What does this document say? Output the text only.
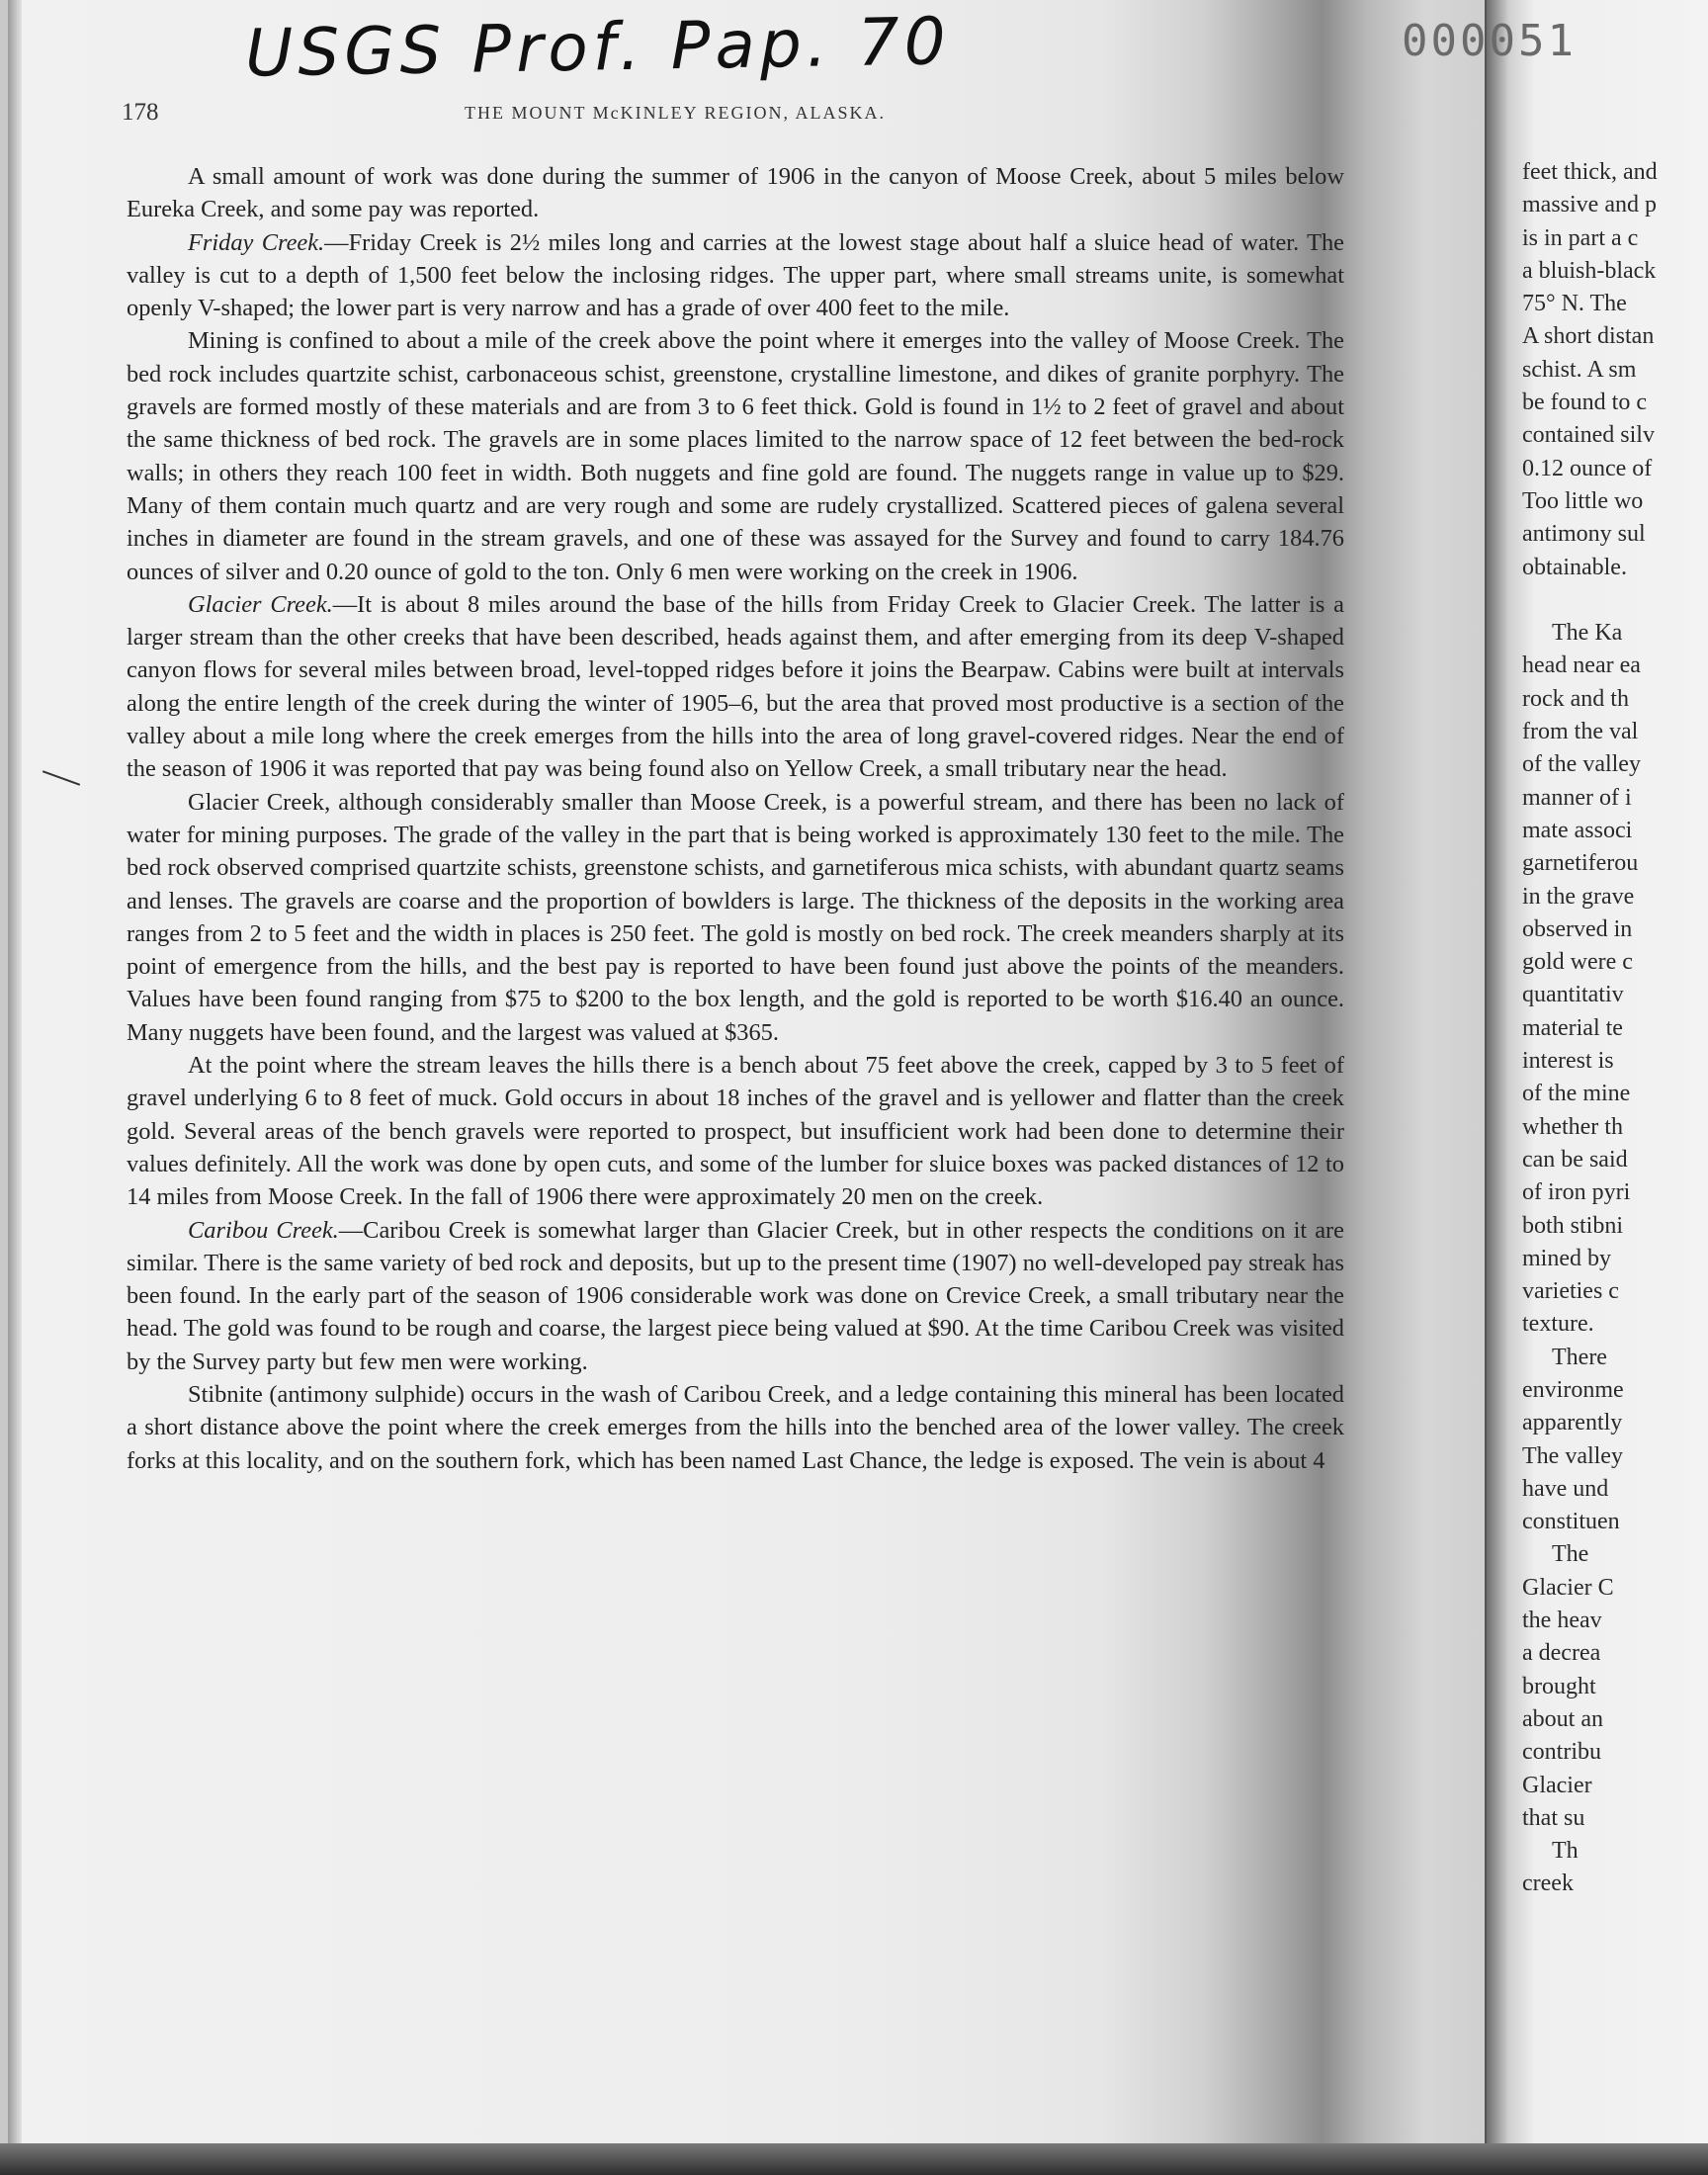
USGS Prof. Pap. 70
178	THE MOUNT McKINLEY REGION, ALASKA.

A small amount of work was done during the summer of 1906 in the canyon of Moose Creek, about 5 miles below Eureka Creek, and some pay was reported.

Friday Creek.—Friday Creek is 2½ miles long and carries at the lowest stage about half a sluice head of water. The valley is cut to a depth of 1,500 feet below the inclosing ridges. The upper part, where small streams unite, is somewhat openly V-shaped; the lower part is very narrow and has a grade of over 400 feet to the mile.

Mining is confined to about a mile of the creek above the point where it emerges into the valley of Moose Creek. The bed rock includes quartzite schist, carbonaceous schist, greenstone, crystalline limestone, and dikes of granite porphyry. The gravels are formed mostly of these materials and are from 3 to 6 feet thick. Gold is found in 1½ to 2 feet of gravel and about the same thickness of bed rock. The gravels are in some places limited to the narrow space of 12 feet between the bed-rock walls; in others they reach 100 feet in width. Both nuggets and fine gold are found. The nuggets range in value up to $29. Many of them contain much quartz and are very rough and some are rudely crystallized. Scattered pieces of galena several inches in diameter are found in the stream gravels, and one of these was assayed for the Survey and found to carry 184.76 ounces of silver and 0.20 ounce of gold to the ton. Only 6 men were working on the creek in 1906.

Glacier Creek.—It is about 8 miles around the base of the hills from Friday Creek to Glacier Creek. The latter is a larger stream than the other creeks that have been described, heads against them, and after emerging from its deep V-shaped canyon flows for several miles between broad, level-topped ridges before it joins the Bearpaw. Cabins were built at intervals along the entire length of the creek during the winter of 1905–6, but the area that proved most productive is a section of the valley about a mile long where the creek emerges from the hills into the area of long gravel-covered ridges. Near the end of the season of 1906 it was reported that pay was being found also on Yellow Creek, a small tributary near the head.

Glacier Creek, although considerably smaller than Moose Creek, is a powerful stream, and there has been no lack of water for mining purposes. The grade of the valley in the part that is being worked is approximately 130 feet to the mile. The bed rock observed comprised quartzite schists, greenstone schists, and garnetiferous mica schists, with abundant quartz seams and lenses. The gravels are coarse and the proportion of bowlders is large. The thickness of the deposits in the working area ranges from 2 to 5 feet and the width in places is 250 feet. The gold is mostly on bed rock. The creek meanders sharply at its point of emergence from the hills, and the best pay is reported to have been found just above the points of the meanders. Values have been found ranging from $75 to $200 to the box length, and the gold is reported to be worth $16.40 an ounce. Many nuggets have been found, and the largest was valued at $365.

At the point where the stream leaves the hills there is a bench about 75 feet above the creek, capped by 3 to 5 feet of gravel underlying 6 to 8 feet of muck. Gold occurs in about 18 inches of the gravel and is yellower and flatter than the creek gold. Several areas of the bench gravels were reported to prospect, but insufficient work had been done to determine their values definitely. All the work was done by open cuts, and some of the lumber for sluice boxes was packed distances of 12 to 14 miles from Moose Creek. In the fall of 1906 there were approximately 20 men on the creek.

Caribou Creek.—Caribou Creek is somewhat larger than Glacier Creek, but in other respects the conditions on it are similar. There is the same variety of bed rock and deposits, but up to the present time (1907) no well-developed pay streak has been found. In the early part of the season of 1906 considerable work was done on Crevice Creek, a small tributary near the head. The gold was found to be rough and coarse, the largest piece being valued at $90. At the time Caribou Creek was visited by the Survey party but few men were working.

Stibnite (antimony sulphide) occurs in the wash of Caribou Creek, and a ledge containing this mineral has been located a short distance above the point where the creek emerges from the hills into the benched area of the lower valley. The creek forks at this locality, and on the southern fork, which has been named Last Chance, the ledge is exposed. The vein is about 4

000051
feet thick, and
massive and p
is in part a c
a bluish-black
75° N. The
A short distan
schist. A sm
be found to c
contained silv
0.12 ounce of
Too little wo
antimony sul
obtainable.
The Ka
head near ea
rock and th
from the val
of the valley
manner of i
mate associ
garnetiferou
in the grave
observed in
gold were c
quantitativ
material te
interest is
of the mine
whether th
can be said
of iron pyri
both stibni
mined by
varieties c
texture.
There
environme
apparently
The valley
have und
constituen
The
Glacier C
the heav
a decrea
brought
about an
contribu
Glacier
that su
Th
creek
